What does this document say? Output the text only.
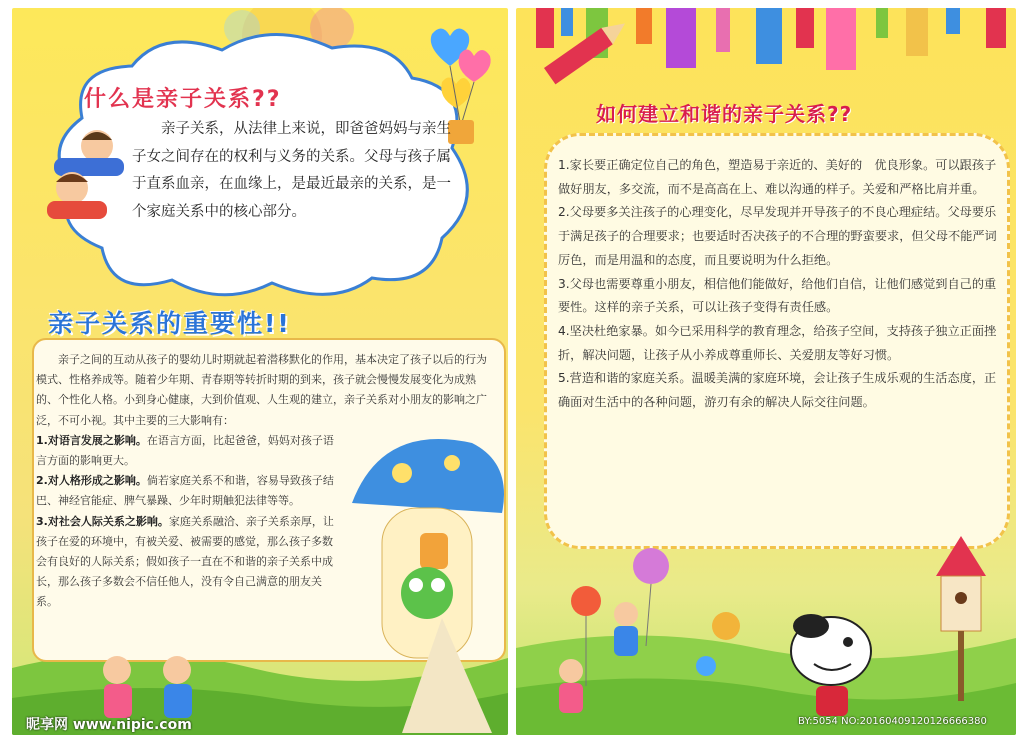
什么是亲子关系??
亲子关系，从法律上来说，即爸爸妈妈与亲生子女之间存在的权利与义务的关系。父母与孩子属于直系血亲，在血缘上，是最近最亲的关系，是一个家庭关系中的核心部分。
亲子关系的重要性!!

亲子之间的互动从孩子的婴幼儿时期就起着潜移默化的作用，基本决定了孩子以后的行为模式、性格养成等。随着少年期、青春期等转折时期的到来，孩子就会慢慢发展变化为成熟的、个性化人格。小到身心健康，大到价值观、人生观的建立，亲子关系对小朋友的影响之广泛，不可小视。其中主要的三大影响有：

1.对语言发展之影响。在语言方面，比起爸爸，妈妈对孩子语言方面的影响更大。

2.对人格形成之影响。倘若家庭关系不和谐，容易导致孩子结巴、神经官能症、脾气暴躁、少年时期触犯法律等等。

3.对社会人际关系之影响。家庭关系融洽、亲子关系亲厚，让孩子在爱的环境中，有被关爱、被需要的感觉，那么孩子多数会有良好的人际关系；假如孩子一直在不和谐的亲子关系中成长，那么孩子多数会不信任他人，没有令自己满意的朋友关系。

昵享网 www.nipic.com
如何建立和谐的亲子关系??

1.家长要正确定位自己的角色，塑造易于亲近的、美好的　优良形象。可以跟孩子做好朋友，多交流，而不是高高在上、难以沟通的样子。关爱和严格比肩并重。

2.父母要多关注孩子的心理变化，尽早发现并开导孩子的不良心理症结。父母要乐于满足孩子的合理要求；也要适时否决孩子的不合理的野蛮要求，但父母不能严词厉色，而是用温和的态度，而且要说明为什么拒绝。

3.父母也需要尊重小朋友，相信他们能做好，给他们自信，让他们感觉到自己的重要性。这样的亲子关系，可以让孩子变得有责任感。

4.坚决杜绝家暴。如今已采用科学的教育理念，给孩子空间，支持孩子独立正面挫折，解决问题，让孩子从小养成尊重师长、关爱朋友等好习惯。

5.营造和谐的家庭关系。温暖美满的家庭环境，会让孩子生成乐观的生活态度，正确面对生活中的各种问题，游刃有余的解决人际交往问题。

BY:5054 NO:20160409120126666380
